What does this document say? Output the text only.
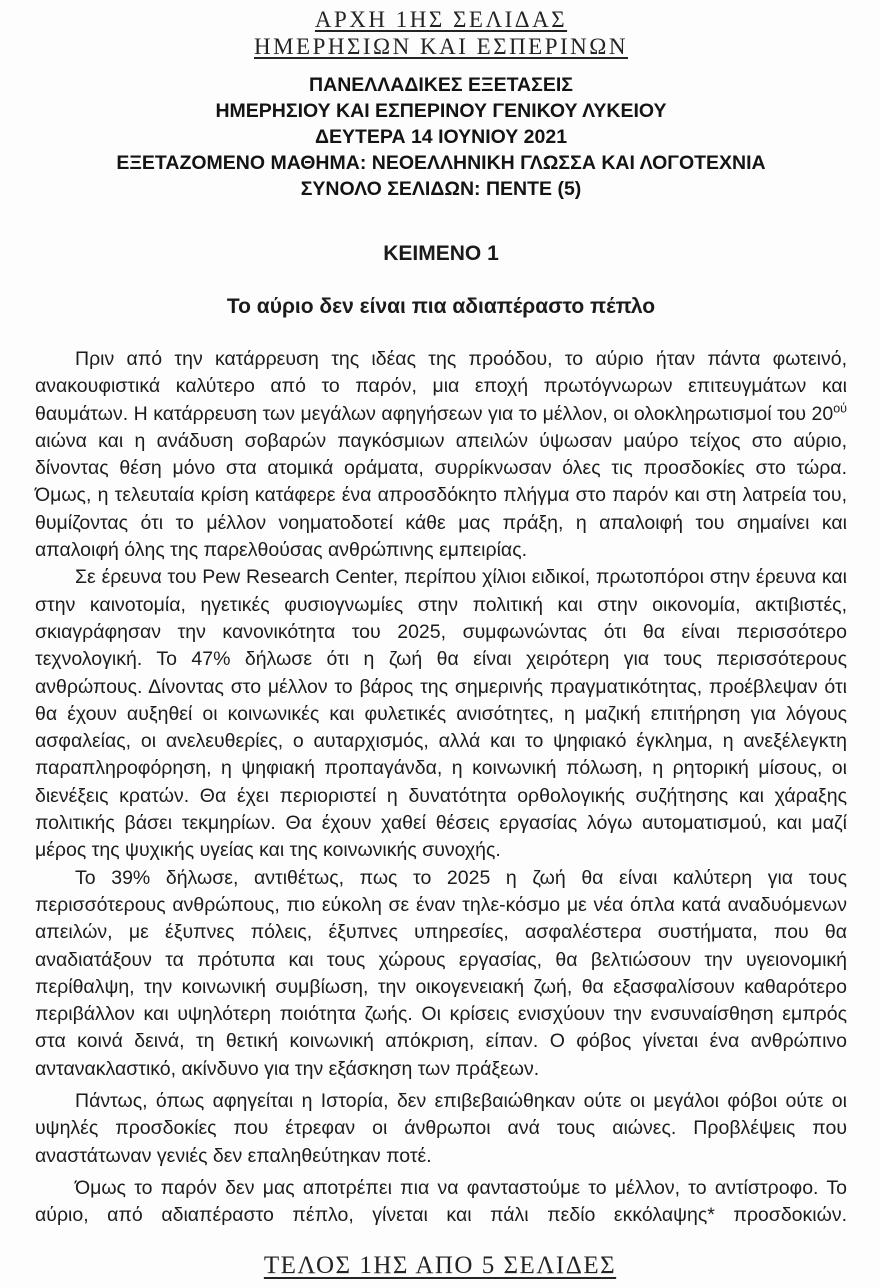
ΑΡΧΗ 1ΗΣ ΣΕΛΙΔΑΣ
ΗΜΕΡΗΣΙΩΝ ΚΑΙ ΕΣΠΕΡΙΝΩΝ
ΠΑΝΕΛΛΑΔΙΚΕΣ ΕΞΕΤΑΣΕΙΣ
ΗΜΕΡΗΣΙΟΥ ΚΑΙ ΕΣΠΕΡΙΝΟΥ ΓΕΝΙΚΟΥ ΛΥΚΕΙΟΥ
ΔΕΥΤΕΡΑ 14 ΙΟΥΝΙΟΥ 2021
ΕΞΕΤΑΖΟΜΕΝΟ ΜΑΘΗΜΑ: ΝΕΟΕΛΛΗΝΙΚΗ ΓΛΩΣΣΑ ΚΑΙ ΛΟΓΟΤΕΧΝΙΑ
ΣΥΝΟΛΟ ΣΕΛΙΔΩΝ: ΠΕΝΤΕ (5)
ΚΕΙΜΕΝΟ 1
Το αύριο δεν είναι πια αδιαπέραστο πέπλο

Πριν από την κατάρρευση της ιδέας της προόδου, το αύριο ήταν πάντα φωτεινό, ανακουφιστικά καλύτερο από το παρόν, μια εποχή πρωτόγνωρων επιτευγμάτων και θαυμάτων. Η κατάρρευση των μεγάλων αφηγήσεων για το μέλλον, οι ολοκληρωτισμοί του $20^{oύ}$ αιώνα και η ανάδυση σοβαρών παγκόσμιων απειλών ύψωσαν μαύρο τείχος στο αύριο, δίνοντας θέση μόνο στα ατομικά οράματα, συρρίκνωσαν όλες τις προσδοκίες στο τώρα. Όμως, η τελευταία κρίση κατάφερε ένα απροσδόκητο πλήγμα στο παρόν και στη λατρεία του, θυμίζοντας ότι το μέλλον νοηματοδοτεί κάθε μας πράξη, η απαλοιφή του σημαίνει και απαλοιφή όλης της παρελθούσας ανθρώπινης εμπειρίας.

Σε έρευνα του Pew Research Center, περίπου χίλιοι ειδικοί, πρωτοπόροι στην έρευνα και στην καινοτομία, ηγετικές φυσιογνωμίες στην πολιτική και στην οικονομία, ακτιβιστές, σκιαγράφησαν την κανονικότητα του 2025, συμφωνώντας ότι θα είναι περισσότερο τεχνολογική. Το 47% δήλωσε ότι η ζωή θα είναι χειρότερη για τους περισσότερους ανθρώπους. Δίνοντας στο μέλλον το βάρος της σημερινής πραγματικότητας, προέβλεψαν ότι θα έχουν αυξηθεί οι κοινωνικές και φυλετικές ανισότητες, η μαζική επιτήρηση για λόγους ασφαλείας, οι ανελευθερίες, ο αυταρχισμός, αλλά και το ψηφιακό έγκλημα, η ανεξέλεγκτη παραπληροφόρηση, η ψηφιακή προπαγάνδα, η κοινωνική πόλωση, η ρητορική μίσους, οι διενέξεις κρατών. Θα έχει περιοριστεί η δυνατότητα ορθολογικής συζήτησης και χάραξης πολιτικής βάσει τεκμηρίων. Θα έχουν χαθεί θέσεις εργασίας λόγω αυτοματισμού, και μαζί μέρος της ψυχικής υγείας και της κοινωνικής συνοχής.

Το 39% δήλωσε, αντιθέτως, πως το 2025 η ζωή θα είναι καλύτερη για τους περισσότερους ανθρώπους, πιο εύκολη σε έναν τηλε-κόσμο με νέα όπλα κατά αναδυόμενων απειλών, με έξυπνες πόλεις, έξυπνες υπηρεσίες, ασφαλέστερα συστήματα, που θα αναδιατάξουν τα πρότυπα και τους χώρους εργασίας, θα βελτιώσουν την υγειονομική περίθαλψη, την κοινωνική συμβίωση, την οικογενειακή ζωή, θα εξασφαλίσουν καθαρότερο περιβάλλον και υψηλότερη ποιότητα ζωής. Οι κρίσεις ενισχύουν την ενσυναίσθηση εμπρός στα κοινά δεινά, τη θετική κοινωνική απόκριση, είπαν. Ο φόβος γίνεται ένα ανθρώπινο αντανακλαστικό, ακίνδυνο για την εξάσκηση των πράξεων.

Πάντως, όπως αφηγείται η Ιστορία, δεν επιβεβαιώθηκαν ούτε οι μεγάλοι φόβοι ούτε οι υψηλές προσδοκίες που έτρεφαν οι άνθρωποι ανά τους αιώνες. Προβλέψεις που αναστάτωναν γενιές δεν επαληθεύτηκαν ποτέ.

Όμως το παρόν δεν μας αποτρέπει πια να φανταστούμε το μέλλον, το αντίστροφο. Το αύριο, από αδιαπέραστο πέπλο, γίνεται και πάλι πεδίο εκκόλαψης* προσδοκιών.

ΤΕΛΟΣ 1ΗΣ ΑΠΟ 5 ΣΕΛΙΔΕΣ
